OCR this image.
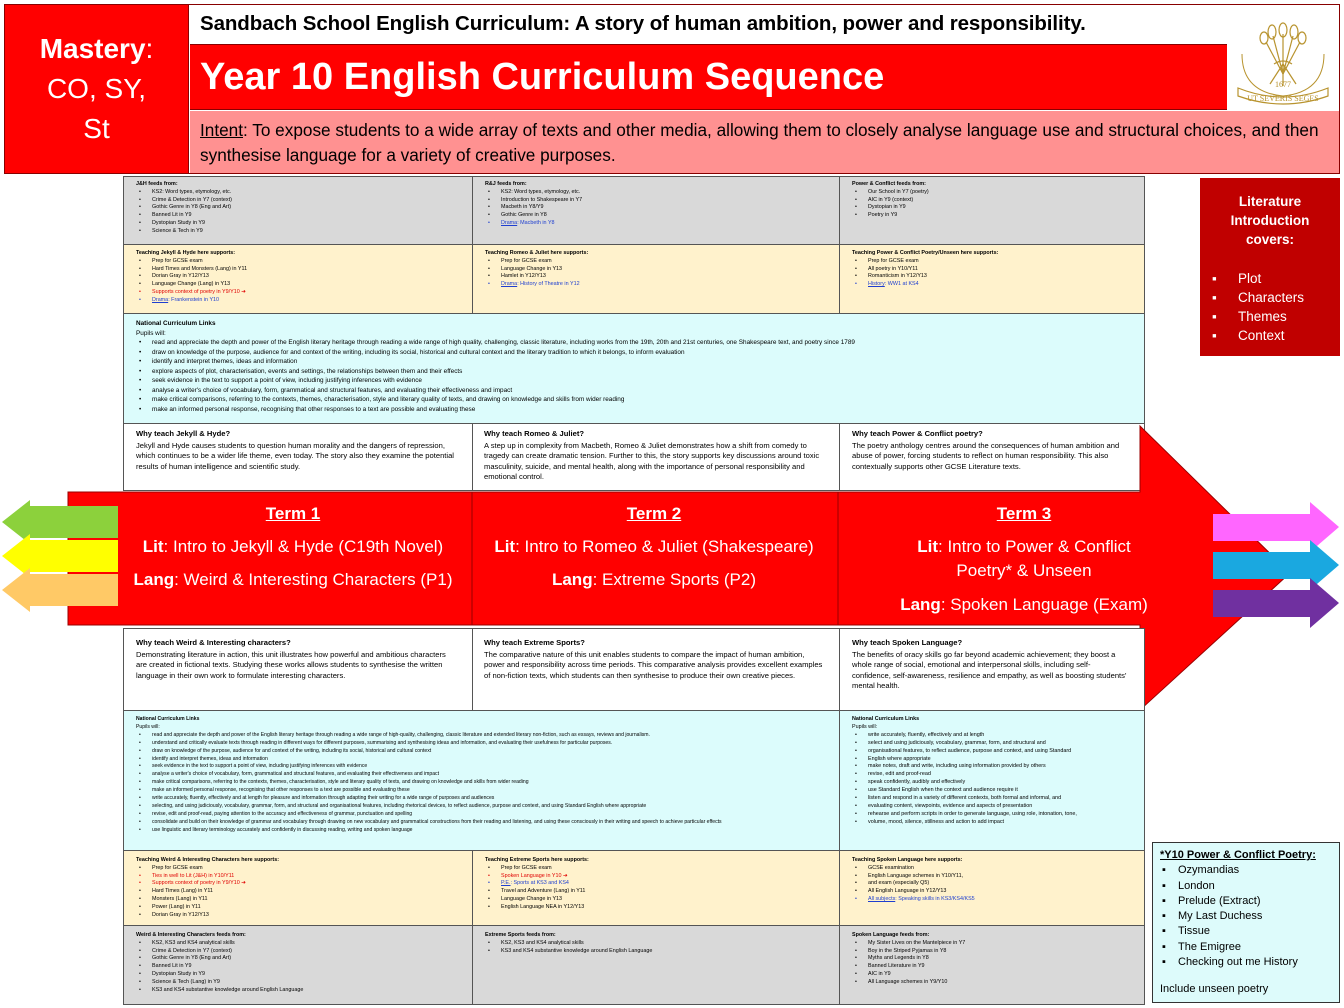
Mastery:
CO, SY,
St
Sandbach School English Curriculum: A story of human ambition, power and responsibility.
Year 10 English Curriculum Sequence	1677
UT SEVERIS SEGES
Intent: To expose students to a wide array of texts and other media, allowing them to closely analyse language use and structural choices, and then synthesise language for a variety of creative purposes.
J&H feeds from:
• KS2: Word types, etymology, etc.
• Crime & Detection in Y7 (context)
• Gothic Genre in Y8 (Eng and Art)
• Banned Lit in Y9
• Dystopian Study in Y9
• Science & Tech in Y9
R&J feeds from:
• KS2: Word types, etymology, etc.
• Introduction to Shakespeare in Y7
• Macbeth in Y8/Y9
• Gothic Genre in Y8
• Drama: Macbeth in Y8
Power & Conflict feeds from:
• Our School in Y7 (poetry)
• AIC in Y9 (context)
• Dystopian in Y9
• Poetry in Y9
Teaching Jekyll & Hyde here supports:
• Prep for GCSE exam
• Hard Times and Monsters (Lang) in Y11
• Dorian Gray in Y12/Y13
• Language Change (Lang) in Y13
• Supports context of poetry in Y9/Y10 ➔
• Drama: Frankenstein in Y10
Teaching Romeo & Juliet here supports:
• Prep for GCSE exam
• Language Change in Y13
• Hamlet in Y12/Y13
• Drama: History of Theatre in Y12
Teaching Power & Conflict Poetry/Unseen here supports:
• Prep for GCSE exam
• All poetry in Y10/Y11
• Romanticism in Y12/Y13
• History: WW1 at KS4
National Curriculum Links
Pupils will:
• • read and appreciate the depth and power of the English literary heritage through reading a wide range of high quality, challenging, classic literature, including works from the 19th, 20th and 21st centuries, one Shakespeare text, and poetry since 1789
• • draw on knowledge of the purpose, audience for and context of the writing, including its social, historical and cultural context and the literary tradition to which it belongs, to inform evaluation
• • identify and interpret themes, ideas and information
• • explore aspects of plot, characterisation, events and settings, the relationships between them and their effects
• • seek evidence in the text to support a point of view, including justifying inferences with evidence
• • analyse a writer's choice of vocabulary, form, grammatical and structural features, and evaluating their effectiveness and impact
• • make critical comparisons, referring to the contexts, themes, characterisation, style and literary quality of texts, and drawing on knowledge and skills from wider reading
• • make an informed personal response, recognising that other responses to a text are possible and evaluating these
Why teach Jekyll & Hyde?
Jekyll and Hyde causes students to question human morality and the dangers of repression, which continues to be a wider life theme, even today. The story also they examine the potential results of human intelligence and scientific study.
Why teach Romeo & Juliet?
A step up in complexity from Macbeth, Romeo & Juliet demonstrates how a shift from comedy to tragedy can create dramatic tension. Further to this, the story supports key discussions around toxic masculinity, suicide, and mental health, along with the importance of personal responsibility and emotional control.
Why teach Power & Conflict poetry?
The poetry anthology centres around the consequences of human ambition and abuse of power, forcing students to reflect on human responsibility. This also contextually supports other GCSE Literature texts.
Term 1
Lit: Intro to Jekyll & Hyde (C19th Novel)
Lang: Weird & Interesting Characters (P1)
Term 2
Lit: Intro to Romeo & Juliet (Shakespeare)
Lang: Extreme Sports (P2)
Term 3
Lit: Intro to Power & Conflict Poetry* & Unseen
Lang: Spoken Language (Exam)
Why teach Weird & Interesting characters?
Demonstrating literature in action, this unit illustrates how powerful and ambitious characters are created in fictional texts. Studying these works allows students to synthesise the written language in their own work to formulate interesting characters.
Why teach Extreme Sports?
The comparative nature of this unit enables students to compare the impact of human ambition, power and responsibility across time periods. This comparative analysis provides excellent examples of non-fiction texts, which students can then synthesise to produce their own creative pieces.
Why teach Spoken Language?
The benefits of oracy skills go far beyond academic achievement; they boost a whole range of social, emotional and interpersonal skills, including self-confidence, self-awareness, resilience and empathy, as well as boosting students' mental health.
National Curriculum Links
Pupils will:
• read and appreciate the depth and power of the English literary heritage through reading a wide range of high-quality, challenging, classic literature and extended literary non-fiction, such as essays, reviews and journalism.
• understand and critically evaluate texts through reading in different ways for different purposes, summarising and synthesising ideas and information, and evaluating their usefulness for particular purposes.
• draw on knowledge of the purpose, audience for and context of the writing, including its social, historical and cultural context
• identify and interpret themes, ideas and information
• seek evidence in the text to support a point of view, including justifying inferences with evidence
• analyse a writer's choice of vocabulary, form, grammatical and structural features, and evaluating their effectiveness and impact
• make critical comparisons, referring to the contexts, themes, characterisation, style and literary quality of texts, and drawing on knowledge and skills from wider reading
• make an informed personal response, recognising that other responses to a text are possible and evaluating these
• write accurately, fluently, effectively and at length for pleasure and information through adapting their writing for a wide range of purposes and audiences
• selecting, and using judiciously, vocabulary, grammar, form, and structural and organisational features, including rhetorical devices, to reflect audience, purpose and context, and using Standard English where appropriate
• revise, edit and proof-read, paying attention to the accuracy and effectiveness of grammar, punctuation and spelling
• consolidate and build on their knowledge of grammar and vocabulary through drawing on new vocabulary and grammatical constructions from their reading and listening, and using these consciously in their writing and speech to achieve particular effects
• use linguistic and literary terminology accurately and confidently in discussing reading, writing and spoken language
National Curriculum Links
Pupils will:
• write accurately, fluently, effectively and at length
• select and using judiciously, vocabulary, grammar, form, and structural and
• organisational features, to reflect audience, purpose and context, and using Standard
• English where appropriate
• make notes, draft and write, including using information provided by others
• revise, edit and proof-read
• speak confidently, audibly and effectively
• use Standard English when the context and audience require it
• listen and respond in a variety of different contexts, both formal and informal, and
• evaluating content, viewpoints, evidence and aspects of presentation
• rehearse and perform scripts in order to generate language, using role, intonation, tone,
• volume, mood, silence, stillness and action to add impact
Teaching Weird & Interesting Characters here supports:
• Prep for GCSE exam
• Ties in well to Lit (J&H) in Y10/Y11
• Supports context of poetry in Y9/Y10 ➔
• Hard Times (Lang) in Y11
• Monsters (Lang) in Y11
• Power (Lang) in Y11
• Dorian Gray in Y12/Y13
Teaching Extreme Sports here supports:
• Prep for GCSE exam
• Spoken Language in Y10 ➔
• P.E.: Sports at KS3 and KS4
• Travel and Adventure (Lang) in Y11
• Language Change in Y13
• English Language NEA in Y12/Y13
Teaching Spoken Language here supports:
• GCSE examination
• English Language schemes in Y10/Y11,
• and exam (especially Q5)
• All English Language in Y12/Y13
• All subjects: Speaking skills in KS3/KS4/KS5
Weird & Interesting Characters feeds from:
• KS2, KS3 and KS4 analytical skills
• Crime & Detection in Y7 (context)
• Gothic Genre in Y8 (Eng and Art)
• Banned Lit in Y9
• Dystopian Study in Y9
• Science & Tech (Lang) in Y9
• KS3 and KS4 substantive knowledge around English Language
Extreme Sports feeds from:
• KS2, KS3 and KS4 analytical skills
• KS3 and KS4 substantive knowledge around English Language
Spoken Language feeds from:
• My Sister Lives on the Mantelpiece in Y7
• Boy in the Striped Pyjamas in Y8
• Myths and Legends in Y8
• Banned Literature in Y9
• AIC in Y9
• All Language schemes in Y9/Y10
Literature Introduction covers:
▪ Plot
▪ Characters
▪ Themes
▪ Context
*Y10 Power & Conflict Poetry:
▪ Ozymandias
▪ London
▪ Prelude (Extract)
▪ My Last Duchess
▪ Tissue
▪ The Emigree
▪ Checking out me History
Include unseen poetry
